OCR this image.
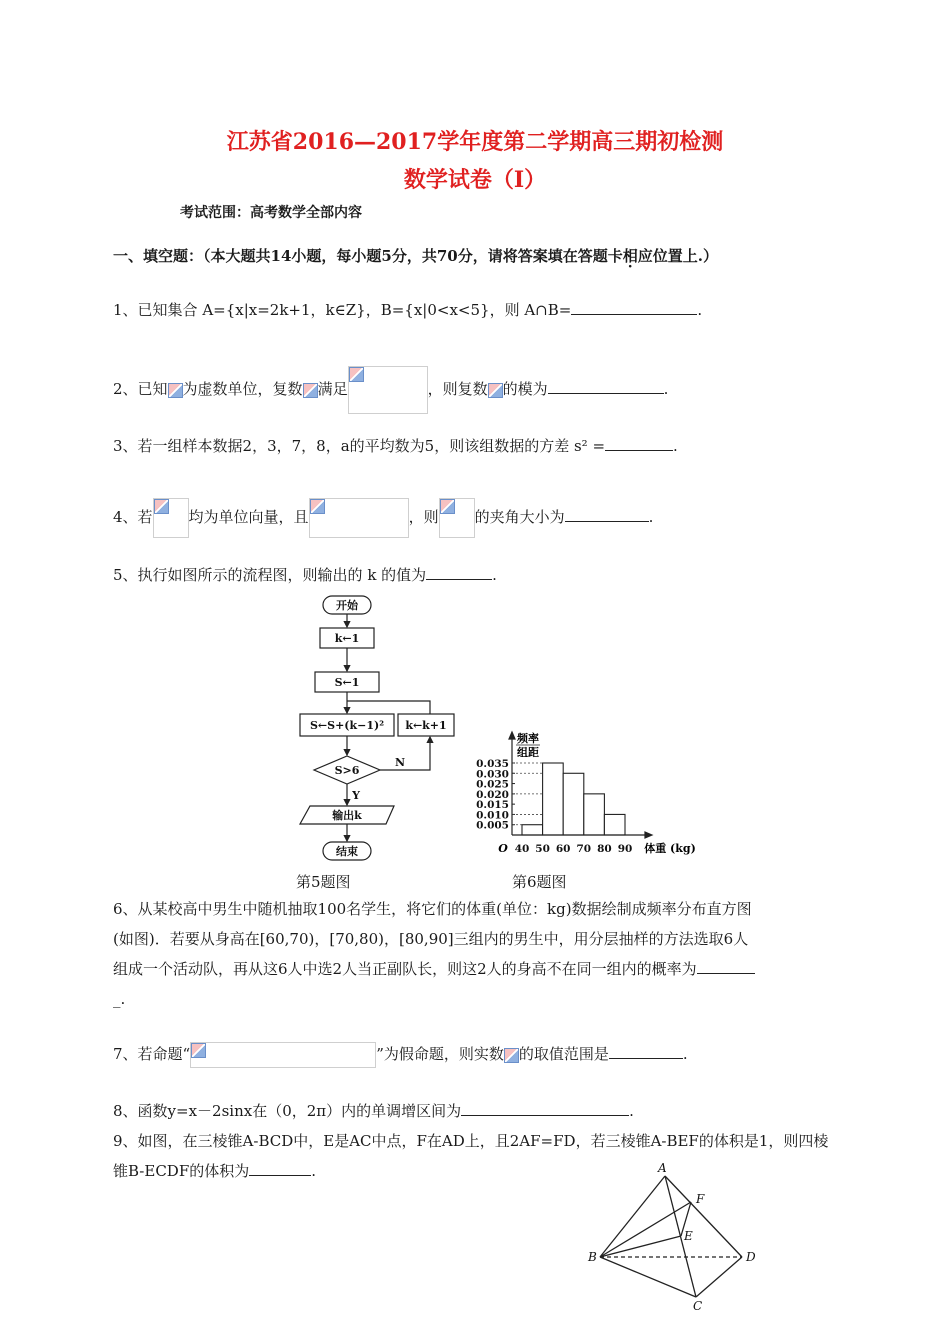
江苏省2016—2017学年度第二学期高三期初检测
数学试卷（Ⅰ）
考试范围：高考数学全部内容
一、填空题：（本大题共14小题，每小题5分，共70分，请将答案填在答题卡相应位置 ·上.）
1、已知集合 A={x|x=2k+1，k∈Z}，B={x|0<x<5}，则 A∩B=	.
2、已知 为虚数单位，复数 满足	，则复数 的模为	.
3、若一组样本数据2，3，7，8，a的平均数为5，则该组数据的方差 s² =	.
4、若 均为单位向量，且	，则 的夹角大小为	.
5、执行如图所示的流程图，则输出的 k 的值为	.
开始
k←1
S←1
S←S+(k−1)² k←k+1
S>6
N
Y
输出k
结束
0.005
0.010
0.015
0.020
0.025
0.030
0.035
40 50 60 70 80 90
频率
组距
O	体重 (kg)
第5题图	第6题图
6、从某校高中男生中随机抽取100名学生，将它们的体重(单位：kg)数据绘制成频率分布直方图
(如图)．若要从身高在[60,70)，[70,80)，[80,90]三组内的男生中，用分层抽样的方法选取6人
组成一个活动队，再从这6人中选2人当正副队长，则这2人的身高不在同一组内的概率为
_.
7、若命题“	”为假命题，则实数 的取值范围是	.
8、函数y=x－2sinx在（0，2π）内的单调增区间为	.
9、如图，在三棱锥A-BCD中，E是AC中点，F在AD上，且2AF=FD，若三棱锥A-BEF的体积是1，则四棱
锥B-ECDF的体积为	.	A
B
C
D
E
F
